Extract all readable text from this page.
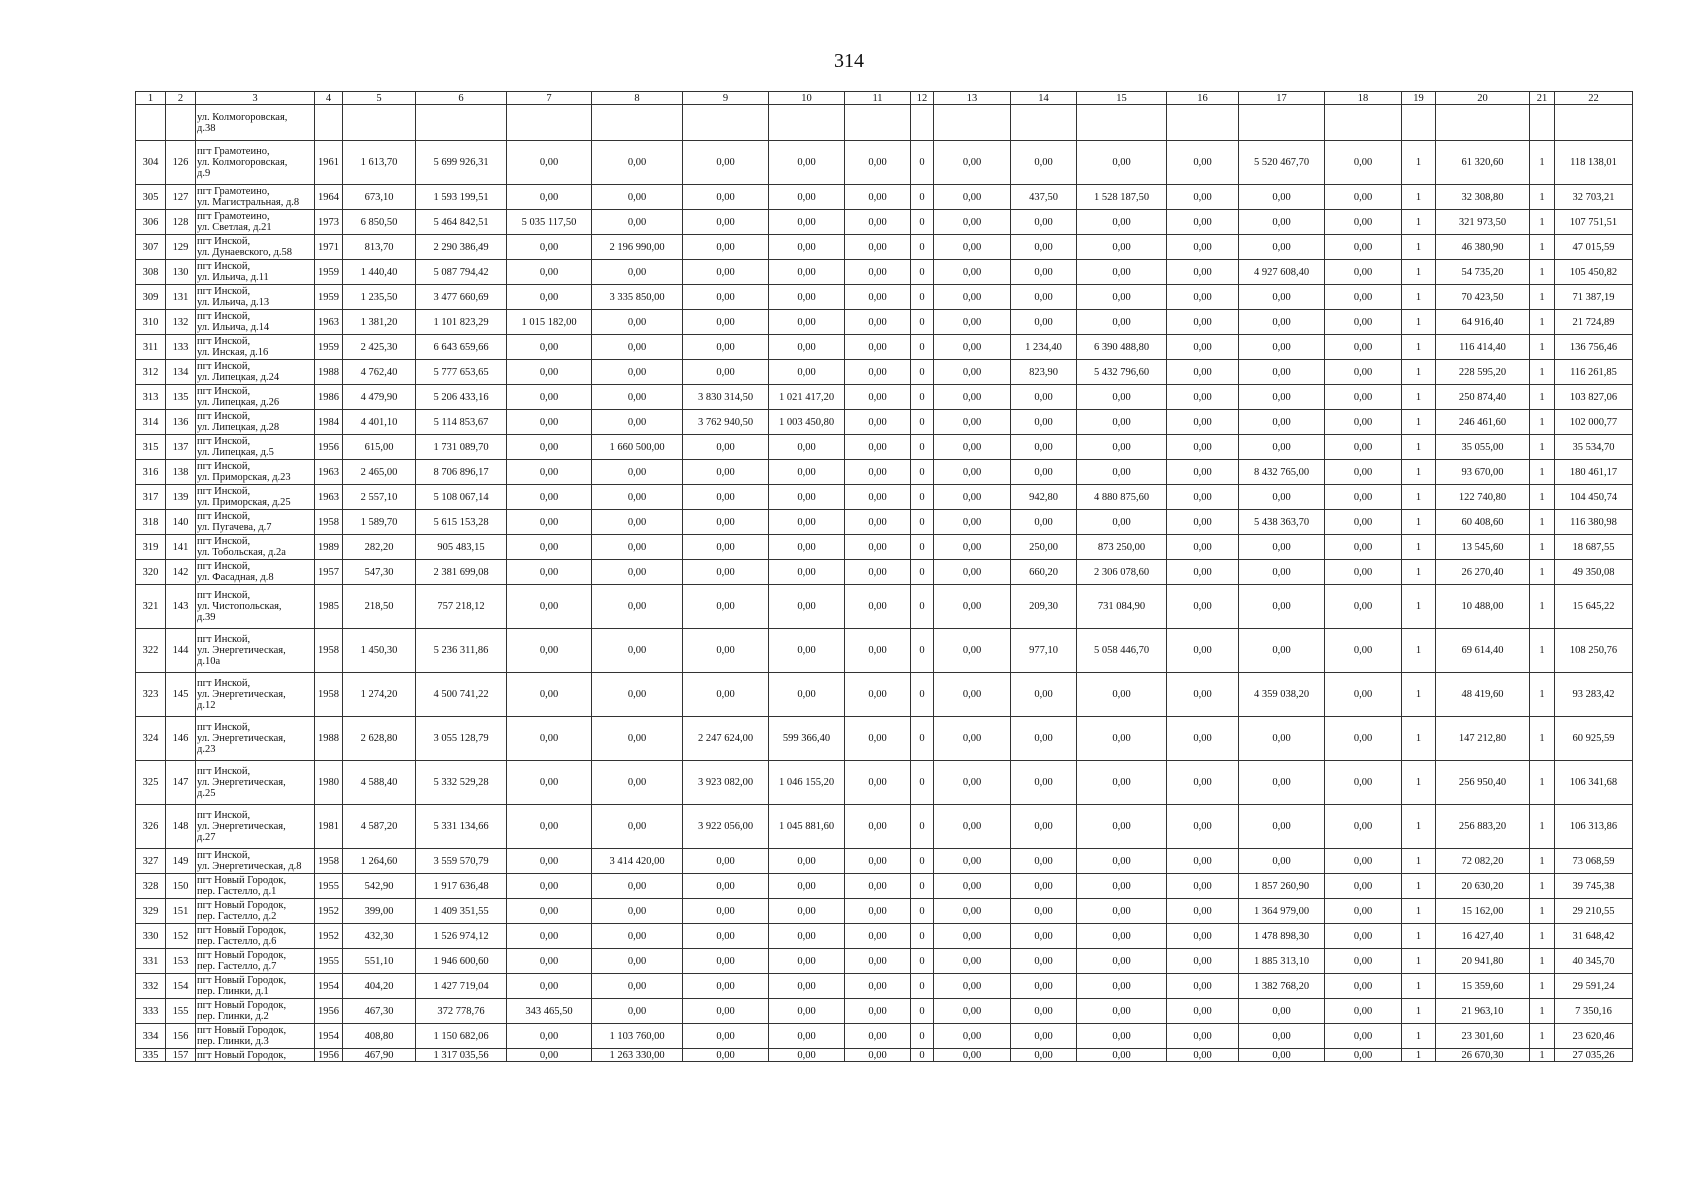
314
1	2	3	4	5	6	7	8	9	10	11	12	13	14	15	16	17	18	19	20	21	22
		ул. Колмогоровская,
д.38																			
304	126	пгт Грамотеино,
ул. Колмогоровская,
д.9	1961	1 613,70	5 699 926,31	0,00	0,00	0,00	0,00	0,00	0	0,00	0,00	0,00	0,00	5 520 467,70	0,00	1	61 320,60	1	118 138,01
305	127	пгт Грамотеино,
ул. Магистральная, д.8	1964	673,10	1 593 199,51	0,00	0,00	0,00	0,00	0,00	0	0,00	437,50	1 528 187,50	0,00	0,00	0,00	1	32 308,80	1	32 703,21
306	128	пгт Грамотеино,
ул. Светлая, д.21	1973	6 850,50	5 464 842,51	5 035 117,50	0,00	0,00	0,00	0,00	0	0,00	0,00	0,00	0,00	0,00	0,00	1	321 973,50	1	107 751,51
307	129	пгт Инской,
ул. Дунаевского, д.58	1971	813,70	2 290 386,49	0,00	2 196 990,00	0,00	0,00	0,00	0	0,00	0,00	0,00	0,00	0,00	0,00	1	46 380,90	1	47 015,59
308	130	пгт Инской,
ул. Ильича, д.11	1959	1 440,40	5 087 794,42	0,00	0,00	0,00	0,00	0,00	0	0,00	0,00	0,00	0,00	4 927 608,40	0,00	1	54 735,20	1	105 450,82
309	131	пгт Инской,
ул. Ильича, д.13	1959	1 235,50	3 477 660,69	0,00	3 335 850,00	0,00	0,00	0,00	0	0,00	0,00	0,00	0,00	0,00	0,00	1	70 423,50	1	71 387,19
310	132	пгт Инской,
ул. Ильича, д.14	1963	1 381,20	1 101 823,29	1 015 182,00	0,00	0,00	0,00	0,00	0	0,00	0,00	0,00	0,00	0,00	0,00	1	64 916,40	1	21 724,89
311	133	пгт Инской,
ул. Инская, д.16	1959	2 425,30	6 643 659,66	0,00	0,00	0,00	0,00	0,00	0	0,00	1 234,40	6 390 488,80	0,00	0,00	0,00	1	116 414,40	1	136 756,46
312	134	пгт Инской,
ул. Липецкая, д.24	1988	4 762,40	5 777 653,65	0,00	0,00	0,00	0,00	0,00	0	0,00	823,90	5 432 796,60	0,00	0,00	0,00	1	228 595,20	1	116 261,85
313	135	пгт Инской,
ул. Липецкая, д.26	1986	4 479,90	5 206 433,16	0,00	0,00	3 830 314,50	1 021 417,20	0,00	0	0,00	0,00	0,00	0,00	0,00	0,00	1	250 874,40	1	103 827,06
314	136	пгт Инской,
ул. Липецкая, д.28	1984	4 401,10	5 114 853,67	0,00	0,00	3 762 940,50	1 003 450,80	0,00	0	0,00	0,00	0,00	0,00	0,00	0,00	1	246 461,60	1	102 000,77
315	137	пгт Инской,
ул. Липецкая, д.5	1956	615,00	1 731 089,70	0,00	1 660 500,00	0,00	0,00	0,00	0	0,00	0,00	0,00	0,00	0,00	0,00	1	35 055,00	1	35 534,70
316	138	пгт Инской,
ул. Приморская, д.23	1963	2 465,00	8 706 896,17	0,00	0,00	0,00	0,00	0,00	0	0,00	0,00	0,00	0,00	8 432 765,00	0,00	1	93 670,00	1	180 461,17
317	139	пгт Инской,
ул. Приморская, д.25	1963	2 557,10	5 108 067,14	0,00	0,00	0,00	0,00	0,00	0	0,00	942,80	4 880 875,60	0,00	0,00	0,00	1	122 740,80	1	104 450,74
318	140	пгт Инской,
ул. Пугачева, д.7	1958	1 589,70	5 615 153,28	0,00	0,00	0,00	0,00	0,00	0	0,00	0,00	0,00	0,00	5 438 363,70	0,00	1	60 408,60	1	116 380,98
319	141	пгт Инской,
ул. Тобольская, д.2а	1989	282,20	905 483,15	0,00	0,00	0,00	0,00	0,00	0	0,00	250,00	873 250,00	0,00	0,00	0,00	1	13 545,60	1	18 687,55
320	142	пгт Инской,
ул. Фасадная, д.8	1957	547,30	2 381 699,08	0,00	0,00	0,00	0,00	0,00	0	0,00	660,20	2 306 078,60	0,00	0,00	0,00	1	26 270,40	1	49 350,08
321	143	пгт Инской,
ул. Чистопольская,
д.39	1985	218,50	757 218,12	0,00	0,00	0,00	0,00	0,00	0	0,00	209,30	731 084,90	0,00	0,00	0,00	1	10 488,00	1	15 645,22
322	144	пгт Инской,
ул. Энергетическая,
д.10а	1958	1 450,30	5 236 311,86	0,00	0,00	0,00	0,00	0,00	0	0,00	977,10	5 058 446,70	0,00	0,00	0,00	1	69 614,40	1	108 250,76
323	145	пгт Инской,
ул. Энергетическая,
д.12	1958	1 274,20	4 500 741,22	0,00	0,00	0,00	0,00	0,00	0	0,00	0,00	0,00	0,00	4 359 038,20	0,00	1	48 419,60	1	93 283,42
324	146	пгт Инской,
ул. Энергетическая,
д.23	1988	2 628,80	3 055 128,79	0,00	0,00	2 247 624,00	599 366,40	0,00	0	0,00	0,00	0,00	0,00	0,00	0,00	1	147 212,80	1	60 925,59
325	147	пгт Инской,
ул. Энергетическая,
д.25	1980	4 588,40	5 332 529,28	0,00	0,00	3 923 082,00	1 046 155,20	0,00	0	0,00	0,00	0,00	0,00	0,00	0,00	1	256 950,40	1	106 341,68
326	148	пгт Инской,
ул. Энергетическая,
д.27	1981	4 587,20	5 331 134,66	0,00	0,00	3 922 056,00	1 045 881,60	0,00	0	0,00	0,00	0,00	0,00	0,00	0,00	1	256 883,20	1	106 313,86
327	149	пгт Инской,
ул. Энергетическая, д.8	1958	1 264,60	3 559 570,79	0,00	3 414 420,00	0,00	0,00	0,00	0	0,00	0,00	0,00	0,00	0,00	0,00	1	72 082,20	1	73 068,59
328	150	пгт Новый Городок,
пер. Гастелло, д.1	1955	542,90	1 917 636,48	0,00	0,00	0,00	0,00	0,00	0	0,00	0,00	0,00	0,00	1 857 260,90	0,00	1	20 630,20	1	39 745,38
329	151	пгт Новый Городок,
пер. Гастелло, д.2	1952	399,00	1 409 351,55	0,00	0,00	0,00	0,00	0,00	0	0,00	0,00	0,00	0,00	1 364 979,00	0,00	1	15 162,00	1	29 210,55
330	152	пгт Новый Городок,
пер. Гастелло, д.6	1952	432,30	1 526 974,12	0,00	0,00	0,00	0,00	0,00	0	0,00	0,00	0,00	0,00	1 478 898,30	0,00	1	16 427,40	1	31 648,42
331	153	пгт Новый Городок,
пер. Гастелло, д.7	1955	551,10	1 946 600,60	0,00	0,00	0,00	0,00	0,00	0	0,00	0,00	0,00	0,00	1 885 313,10	0,00	1	20 941,80	1	40 345,70
332	154	пгт Новый Городок,
пер. Глинки, д.1	1954	404,20	1 427 719,04	0,00	0,00	0,00	0,00	0,00	0	0,00	0,00	0,00	0,00	1 382 768,20	0,00	1	15 359,60	1	29 591,24
333	155	пгт Новый Городок,
пер. Глинки, д.2	1956	467,30	372 778,76	343 465,50	0,00	0,00	0,00	0,00	0	0,00	0,00	0,00	0,00	0,00	0,00	1	21 963,10	1	7 350,16
334	156	пгт Новый Городок,
пер. Глинки, д.3	1954	408,80	1 150 682,06	0,00	1 103 760,00	0,00	0,00	0,00	0	0,00	0,00	0,00	0,00	0,00	0,00	1	23 301,60	1	23 620,46
335	157	пгт Новый Городок,	1956	467,90	1 317 035,56	0,00	1 263 330,00	0,00	0,00	0,00	0	0,00	0,00	0,00	0,00	0,00	0,00	1	26 670,30	1	27 035,26
